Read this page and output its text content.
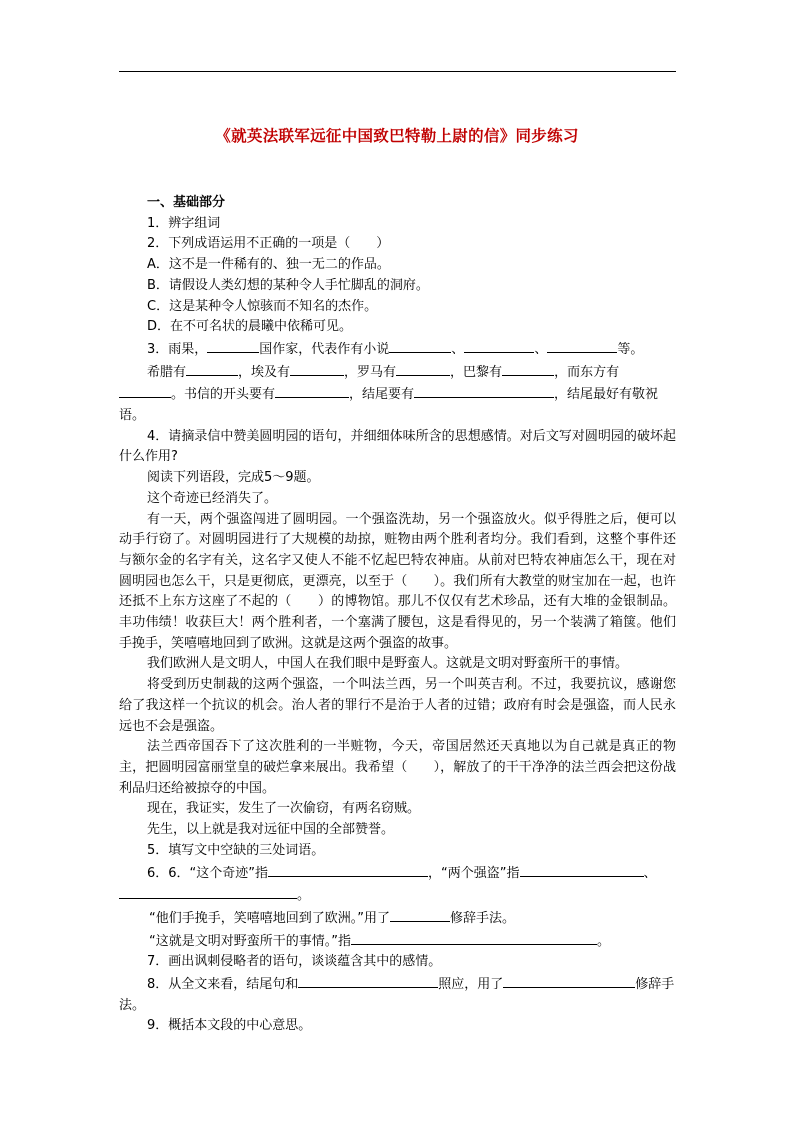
《就英法联军远征中国致巴特勒上尉的信》同步练习

一、基础部分

1．辨字组词

2．下列成语运用不正确的一项是（　　）

A．这不是一件稀有的、独一无二的作品。

B．请假设人类幻想的某种令人手忙脚乱的洞府。

C．这是某种令人惊骇而不知名的杰作。

D．在不可名状的晨曦中依稀可见。

3．雨果，	国作家，代表作有小说	、	、	等。

希腊有	，埃及有	，罗马有	，巴黎有	，而东方有

。书信的开头要有	，结尾要有	，结尾最好有敬祝语。

4．请摘录信中赞美圆明园的语句，并细细体味所含的思想感情。对后文写对圆明园的破坏起什么作用?

阅读下列语段，完成5～9题。

这个奇迹已经消失了。

有一天，两个强盗闯进了圆明园。一个强盗洗劫，另一个强盗放火。似乎得胜之后，便可以动手行窃了。对圆明园进行了大规模的劫掠，赃物由两个胜利者均分。我们看到，这整个事件还与额尔金的名字有关，这名字又使人不能不忆起巴特农神庙。从前对巴特农神庙怎么干，现在对圆明园也怎么干，只是更彻底，更漂亮，以至于（　　）。我们所有大教堂的财宝加在一起，也许还抵不上东方这座了不起的（　　）的博物馆。那儿不仅仅有艺术珍品，还有大堆的金银制品。丰功伟绩！收获巨大！两个胜利者，一个塞满了腰包，这是看得见的，另一个装满了箱箧。他们手挽手，笑嘻嘻地回到了欧洲。这就是这两个强盗的故事。

我们欧洲人是文明人，中国人在我们眼中是野蛮人。这就是文明对野蛮所干的事情。

将受到历史制裁的这两个强盗，一个叫法兰西，另一个叫英吉利。不过，我要抗议，感谢您给了我这样一个抗议的机会。治人者的罪行不是治于人者的过错；政府有时会是强盗，而人民永远也不会是强盗。

法兰西帝国吞下了这次胜利的一半赃物，今天，帝国居然还天真地以为自己就是真正的物主，把圆明园富丽堂皇的破烂拿来展出。我希望（　　），解放了的干干净净的法兰西会把这份战利品归还给被掠夺的中国。

现在，我证实，发生了一次偷窃，有两名窃贼。

先生，以上就是我对远征中国的全部赞誉。

5．填写文中空缺的三处词语。

6．6．“这个奇迹”指	，“两个强盗”指	、

。

“他们手挽手，笑嘻嘻地回到了欧洲。”用了	修辞手法。

“这就是文明对野蛮所干的事情。”指	。

7．画出讽刺侵略者的语句，谈谈蕴含其中的感情。

8．从全文来看，结尾句和	照应，用了	修辞手法。

9．概括本文段的中心意思。
